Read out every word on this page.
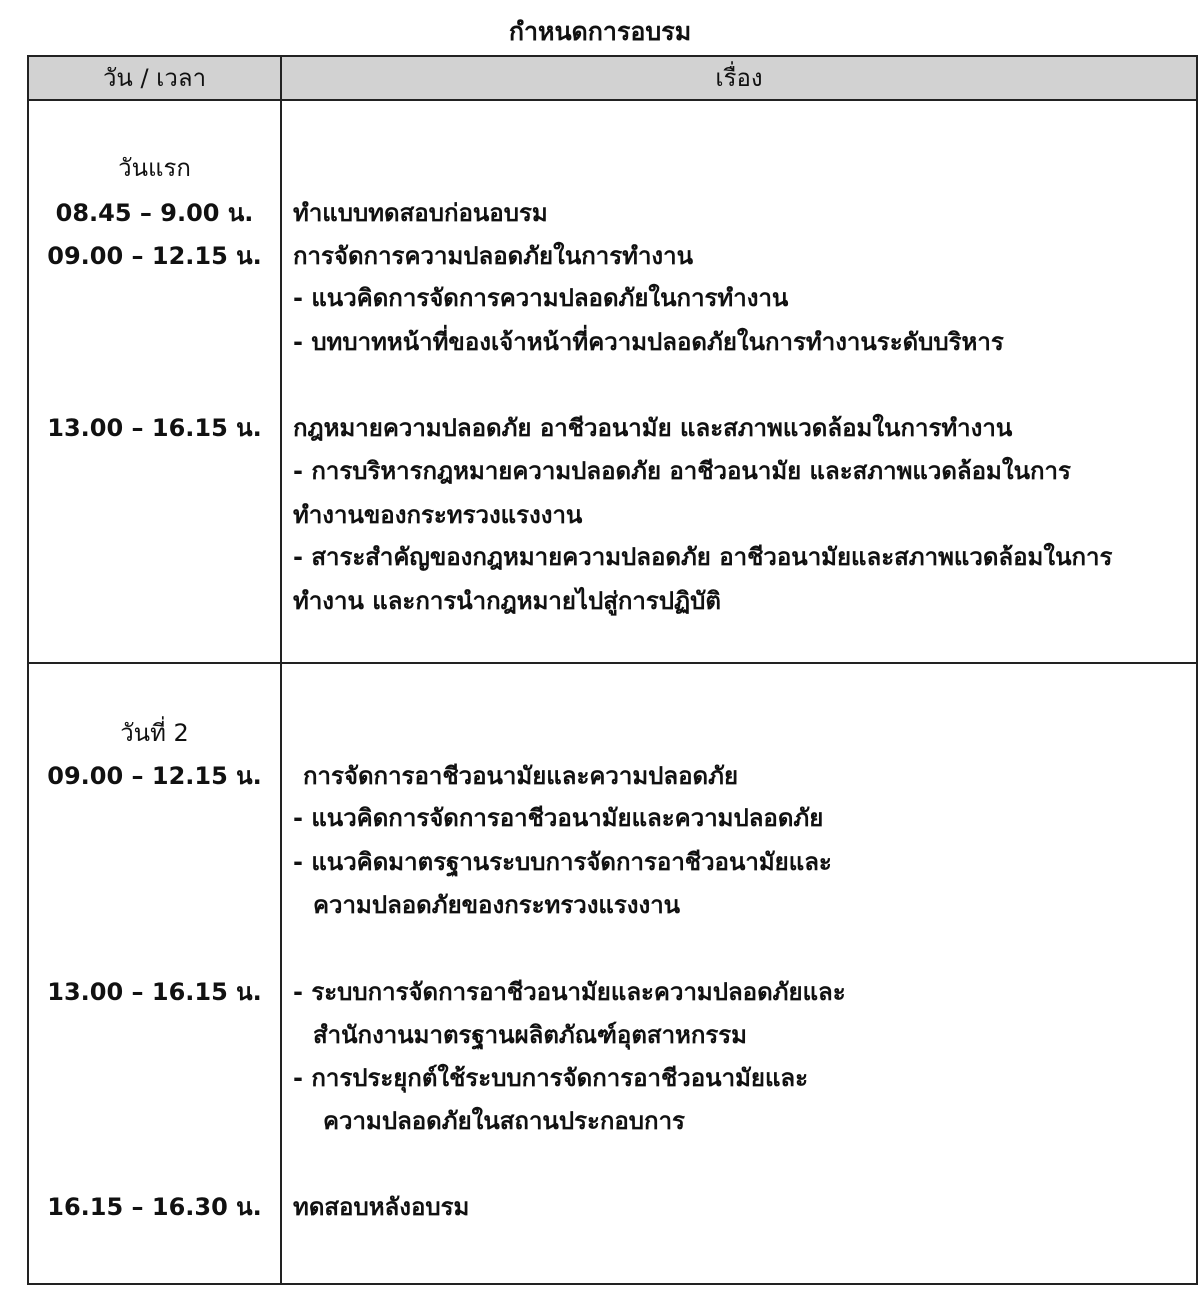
กำหนดการอบรม
วัน / เวลา	เรื่อง
วันแรก
08.45 – 9.00 น.	ทำแบบทดสอบก่อนอบรม
09.00 – 12.15 น.	การจัดการความปลอดภัยในการทำงาน
- แนวคิดการจัดการความปลอดภัยในการทำงาน
- บทบาทหน้าที่ของเจ้าหน้าที่ความปลอดภัยในการทำงานระดับบริหาร
13.00 – 16.15 น.	กฎหมายความปลอดภัย อาชีวอนามัย และสภาพแวดล้อมในการทำงาน
- การบริหารกฎหมายความปลอดภัย อาชีวอนามัย และสภาพแวดล้อมในการ
ทำงานของกระทรวงแรงงาน
- สาระสำคัญของกฎหมายความปลอดภัย อาชีวอนามัยและสภาพแวดล้อมในการ
ทำงาน และการนำกฎหมายไปสู่การปฏิบัติ
วันที่ 2
09.00 – 12.15 น.	การจัดการอาชีวอนามัยและความปลอดภัย
- แนวคิดการจัดการอาชีวอนามัยและความปลอดภัย
- แนวคิดมาตรฐานระบบการจัดการอาชีวอนามัยและ
ความปลอดภัยของกระทรวงแรงงาน
13.00 – 16.15 น.	- ระบบการจัดการอาชีวอนามัยและความปลอดภัยและ
สำนักงานมาตรฐานผลิตภัณฑ์อุตสาหกรรม
- การประยุกต์ใช้ระบบการจัดการอาชีวอนามัยและ
ความปลอดภัยในสถานประกอบการ
16.15 – 16.30 น.	ทดสอบหลังอบรม
